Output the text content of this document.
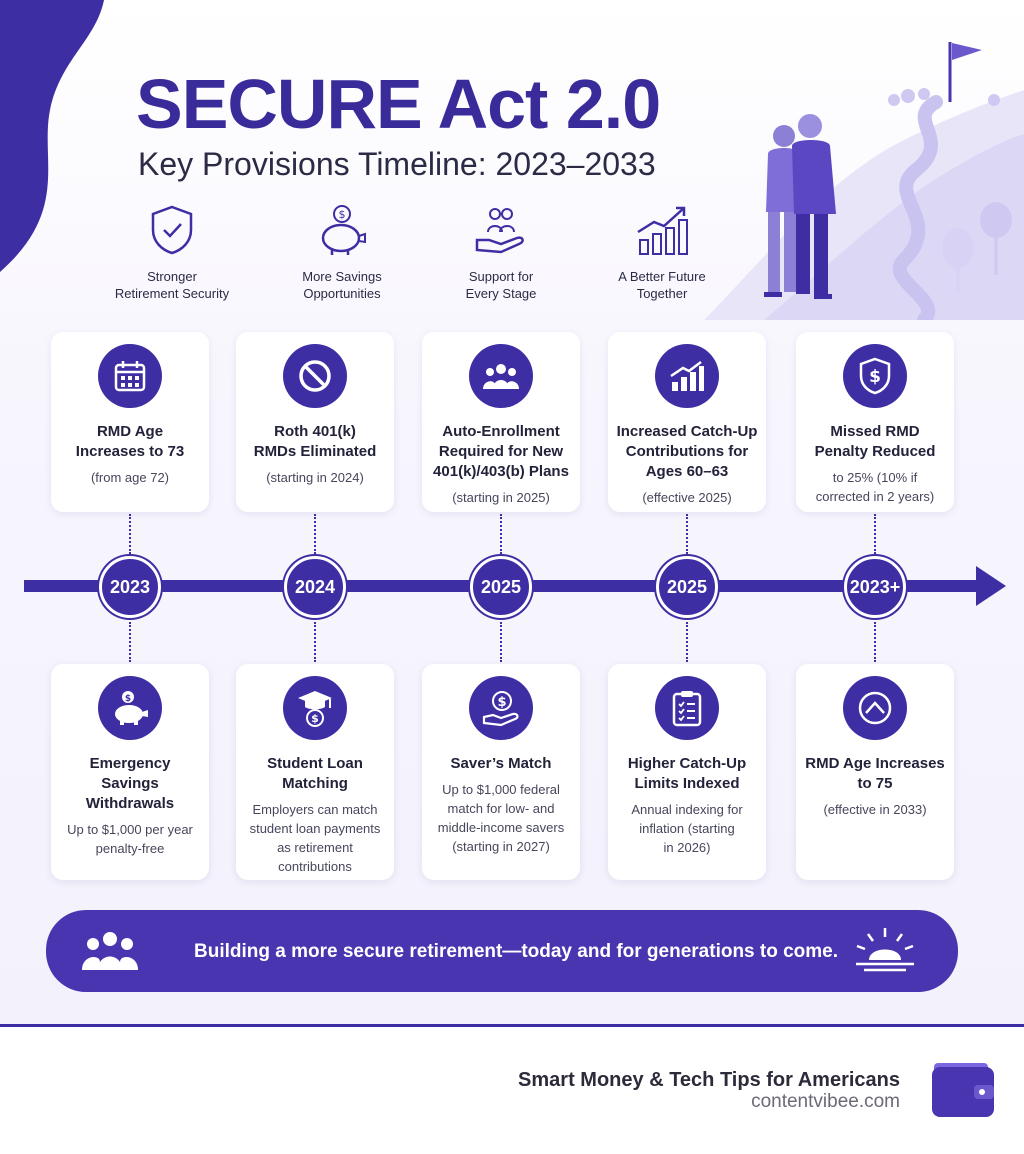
SECURE Act 2.0
Key Provisions Timeline: 2023–2033
Stronger
Retirement Security
$
More Savings
Opportunities
Support for
Every Stage
A Better Future
Together
RMD Age
Increases to 73
(from age 72)
Roth 401(k)
RMDs Eliminated
(starting in 2024)
Auto-Enrollment
Required for New
401(k)/403(b) Plans
(starting in 2025)
Increased Catch-Up
Contributions for
Ages 60–63
(effective 2025)
$
Missed RMD
Penalty Reduced
to 25% (10% if
corrected in 2 years)
2023	2024	2025	2025	2023+
$
Emergency
Savings Withdrawals
Up to $1,000 per year
penalty-free
$
Student Loan
Matching
Employers can match
student loan payments
as retirement
contributions
$
Saver’s Match
Up to $1,000 federal
match for low- and
middle-income savers
(starting in 2027)
Higher Catch-Up
Limits Indexed
Annual indexing for
inflation (starting
in 2026)
RMD Age Increases
to 75
(effective in 2033)
Building a more secure retirement—today and for generations to come.
Smart Money & Tech Tips for Americans
contentvibee.com
